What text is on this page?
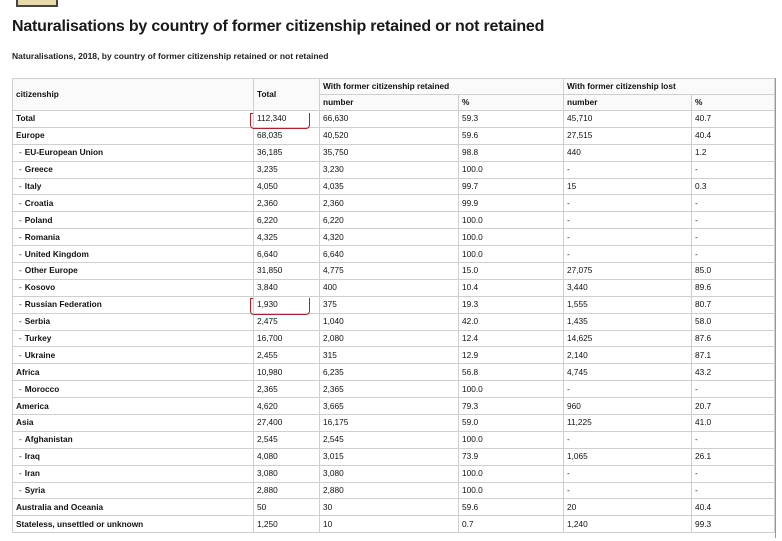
Naturalisations by country of former citizenship retained or not retained
Naturalisations, 2018, by country of former citizenship retained or not retained
citizenship	Total	With former citizenship retained		With former citizenship lost	
		number	%	number	%
Total	112,340	66,630	59.3	45,710	40.7
Europe	68,035	40,520	59.6	27,515	40.4
- EU-European Union	36,185	35,750	98.8	440	1.2
- Greece	3,235	3,230	100.0	-	-
- Italy	4,050	4,035	99.7	15	0.3
- Croatia	2,360	2,360	99.9	-	-
- Poland	6,220	6,220	100.0	-	-
- Romania	4,325	4,320	100.0	-	-
- United Kingdom	6,640	6,640	100.0	-	-
- Other Europe	31,850	4,775	15.0	27,075	85.0
- Kosovo	3,840	400	10.4	3,440	89.6
- Russian Federation	1,930	375	19.3	1,555	80.7
- Serbia	2,475	1,040	42.0	1,435	58.0
- Turkey	16,700	2,080	12.4	14,625	87.6
- Ukraine	2,455	315	12.9	2,140	87.1
Africa	10,980	6,235	56.8	4,745	43.2
- Morocco	2,365	2,365	100.0	-	-
America	4,620	3,665	79.3	960	20.7
Asia	27,400	16,175	59.0	11,225	41.0
- Afghanistan	2,545	2,545	100.0	-	-
- Iraq	4,080	3,015	73.9	1,065	26.1
- Iran	3,080	3,080	100.0	-	-
- Syria	2,880	2,880	100.0	-	-
Australia and Oceania	50	30	59.6	20	40.4
Stateless, unsettled or unknown	1,250	10	0.7	1,240	99.3
